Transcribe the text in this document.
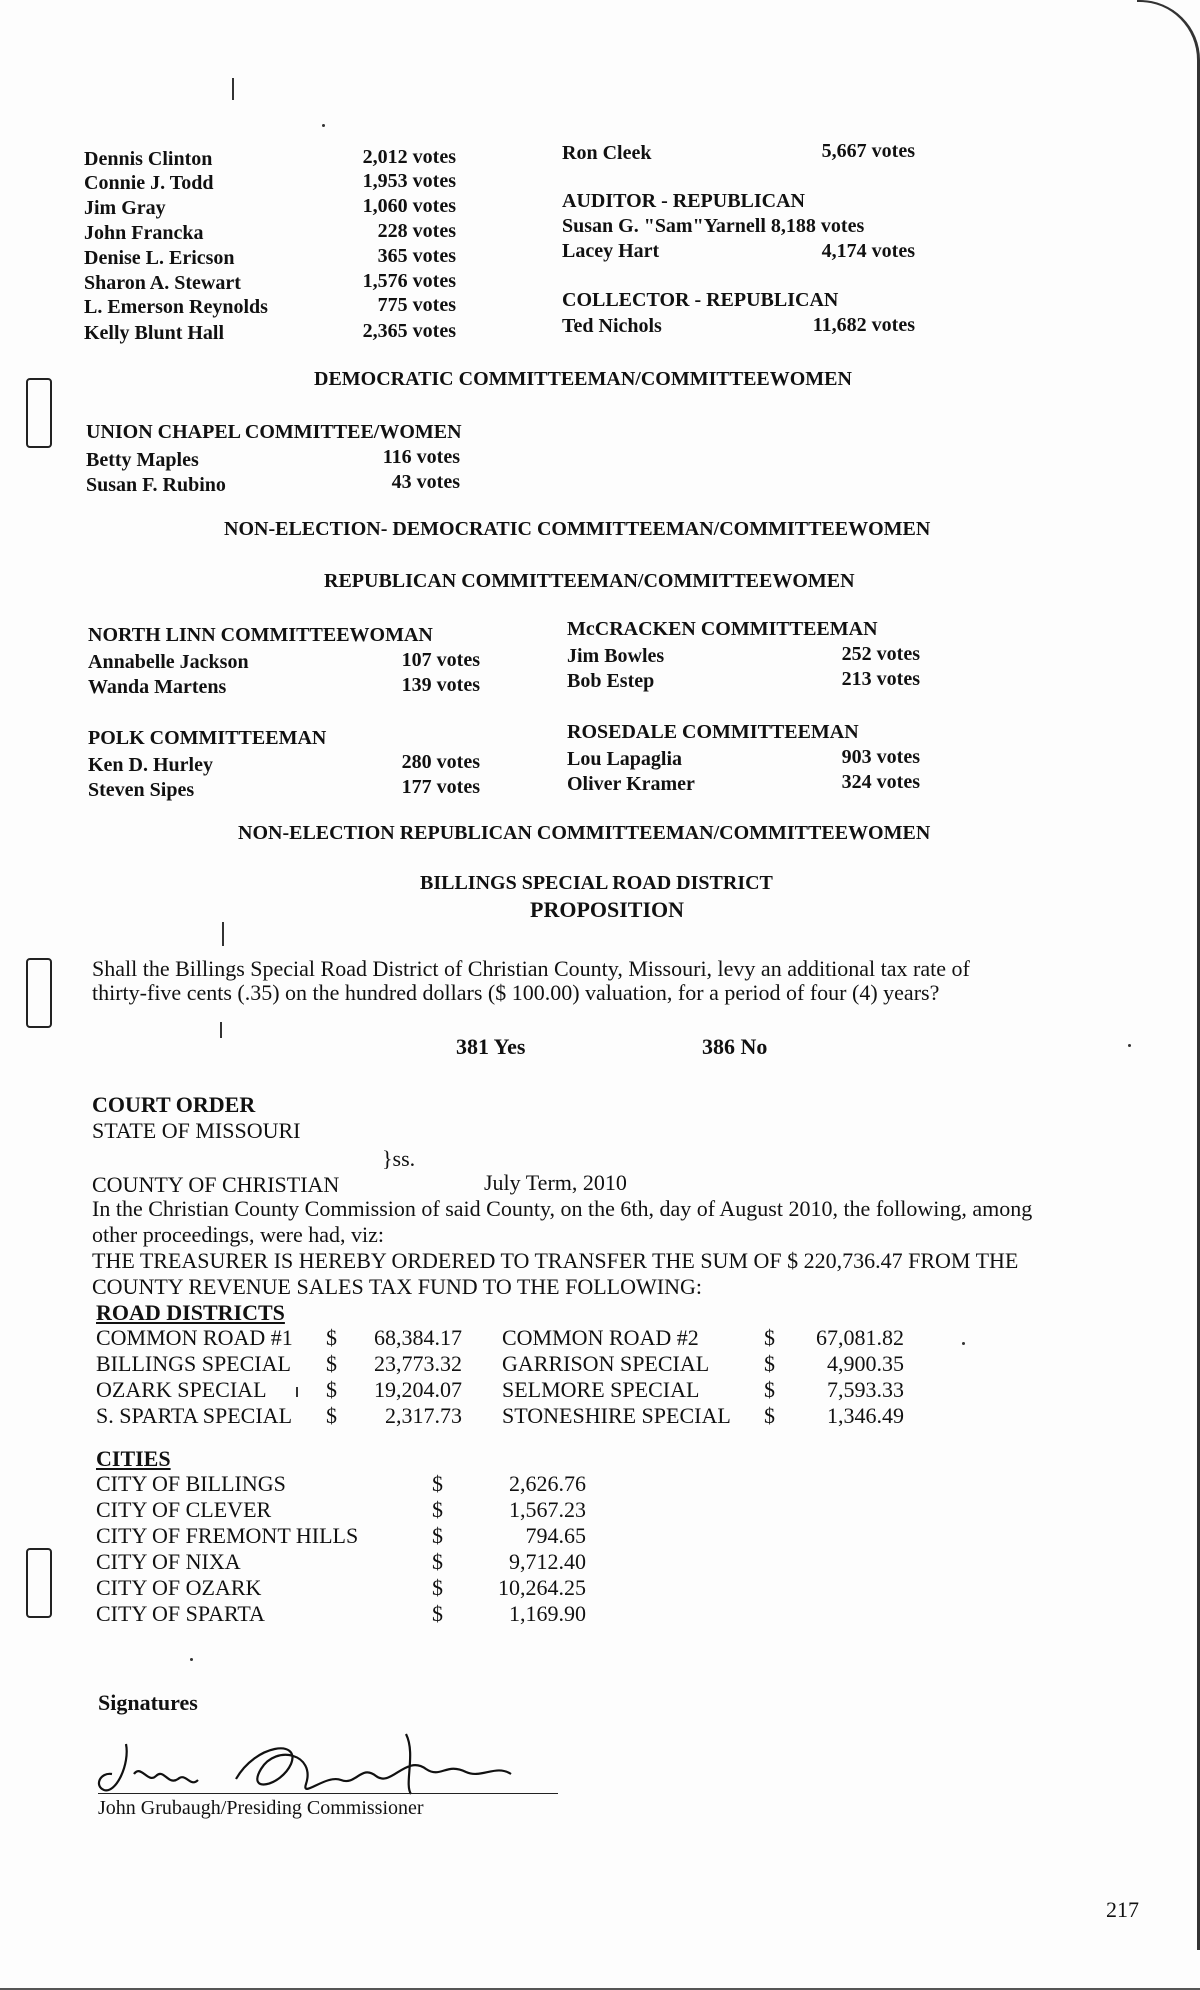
Dennis Clinton	2,012 votes
Connie J. Todd	1,953 votes
Jim Gray	1,060 votes
John Francka	228 votes
Denise L. Ericson	365 votes
Sharon A. Stewart	1,576 votes
L. Emerson Reynolds	775 votes
Kelly Blunt Hall	2,365 votes
Ron Cleek	5,667 votes
AUDITOR - REPUBLICAN
Susan G. "Sam"Yarnell 8,188 votes
Lacey Hart	4,174 votes
COLLECTOR - REPUBLICAN
Ted Nichols	11,682 votes
DEMOCRATIC COMMITTEEMAN/COMMITTEEWOMEN
UNION CHAPEL COMMITTEE/WOMEN
Betty Maples	116 votes
Susan F. Rubino	43 votes
NON-ELECTION- DEMOCRATIC COMMITTEEMAN/COMMITTEEWOMEN
REPUBLICAN COMMITTEEMAN/COMMITTEEWOMEN
NORTH LINN COMMITTEEWOMAN
Annabelle Jackson	107 votes
Wanda Martens	139 votes
McCRACKEN COMMITTEEMAN
Jim Bowles	252 votes
Bob Estep	213 votes
POLK COMMITTEEMAN
Ken D. Hurley	280 votes
Steven Sipes	177 votes
ROSEDALE COMMITTEEMAN
Lou Lapaglia	903 votes
Oliver Kramer	324 votes
NON-ELECTION REPUBLICAN COMMITTEEMAN/COMMITTEEWOMEN
BILLINGS SPECIAL ROAD DISTRICT
PROPOSITION
Shall the Billings Special Road District of Christian County, Missouri, levy an additional tax rate of
thirty-five cents (.35) on the hundred dollars ($ 100.00) valuation, for a period of four (4) years?
381 Yes	386 No
COURT ORDER
STATE OF MISSOURI
}ss.
COUNTY OF CHRISTIAN	July Term, 2010
In the Christian County Commission of said County, on the 6th, day of August 2010, the following, among
other proceedings, were had, viz:
THE TREASURER IS HEREBY ORDERED TO TRANSFER THE SUM OF $ 220,736.47 FROM THE
COUNTY REVENUE SALES TAX FUND TO THE FOLLOWING:
ROAD DISTRICTS
COMMON ROAD #1 $	68,384.17 COMMON ROAD #2	$	67,081.82
BILLINGS SPECIAL $	23,773.32 GARRISON SPECIAL $	4,900.35
OZARK SPECIAL	$	19,204.07 SELMORE SPECIAL	$	7,593.33
S. SPARTA SPECIAL $	2,317.73 STONESHIRE SPECIAL $	1,346.49
CITIES
CITY OF BILLINGS	$	2,626.76
CITY OF CLEVER	$	1,567.23
CITY OF FREMONT HILLS	$	794.65
CITY OF NIXA	$	9,712.40
CITY OF OZARK	$	10,264.25
CITY OF SPARTA	$	1,169.90
Signatures
John Grubaugh/Presiding Commissioner
217
